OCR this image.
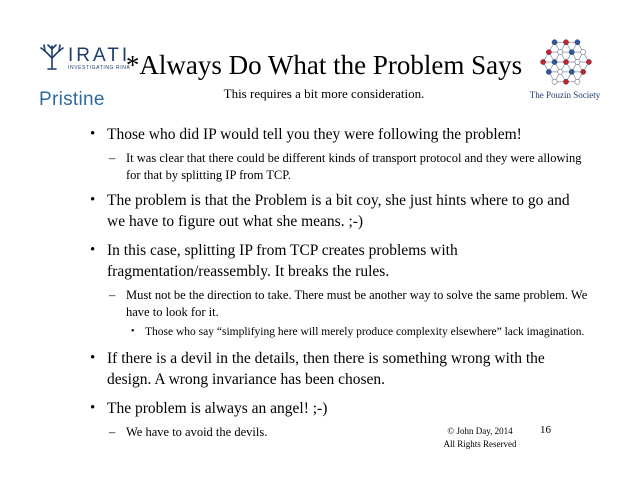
IRATI
INVESTIGATING RINA
Pristine
*Always Do What the Problem Says
This requires a bit more consideration.	The Pouzin Society
• Those who did IP would tell you they were following the problem!
– It was clear that there could be different kinds of transport protocol and they were allowing for that by splitting IP from TCP.
• The problem is that the Problem is a bit coy, she just hints where to go and we have to figure out what she means. ;-)
• In this case, splitting IP from TCP creates problems with fragmentation/reassembly. It breaks the rules.
– Must not be the direction to take. There must be another way to solve the same problem. We have to look for it.
• Those who say “simplifying here will merely produce complexity elsewhere” lack imagination.
• If there is a devil in the details, then there is something wrong with the design. A wrong invariance has been chosen.
• The problem is always an angel! ;-)
– We have to avoid the devils.	© John Day, 2014
All Rights Reserved
16
